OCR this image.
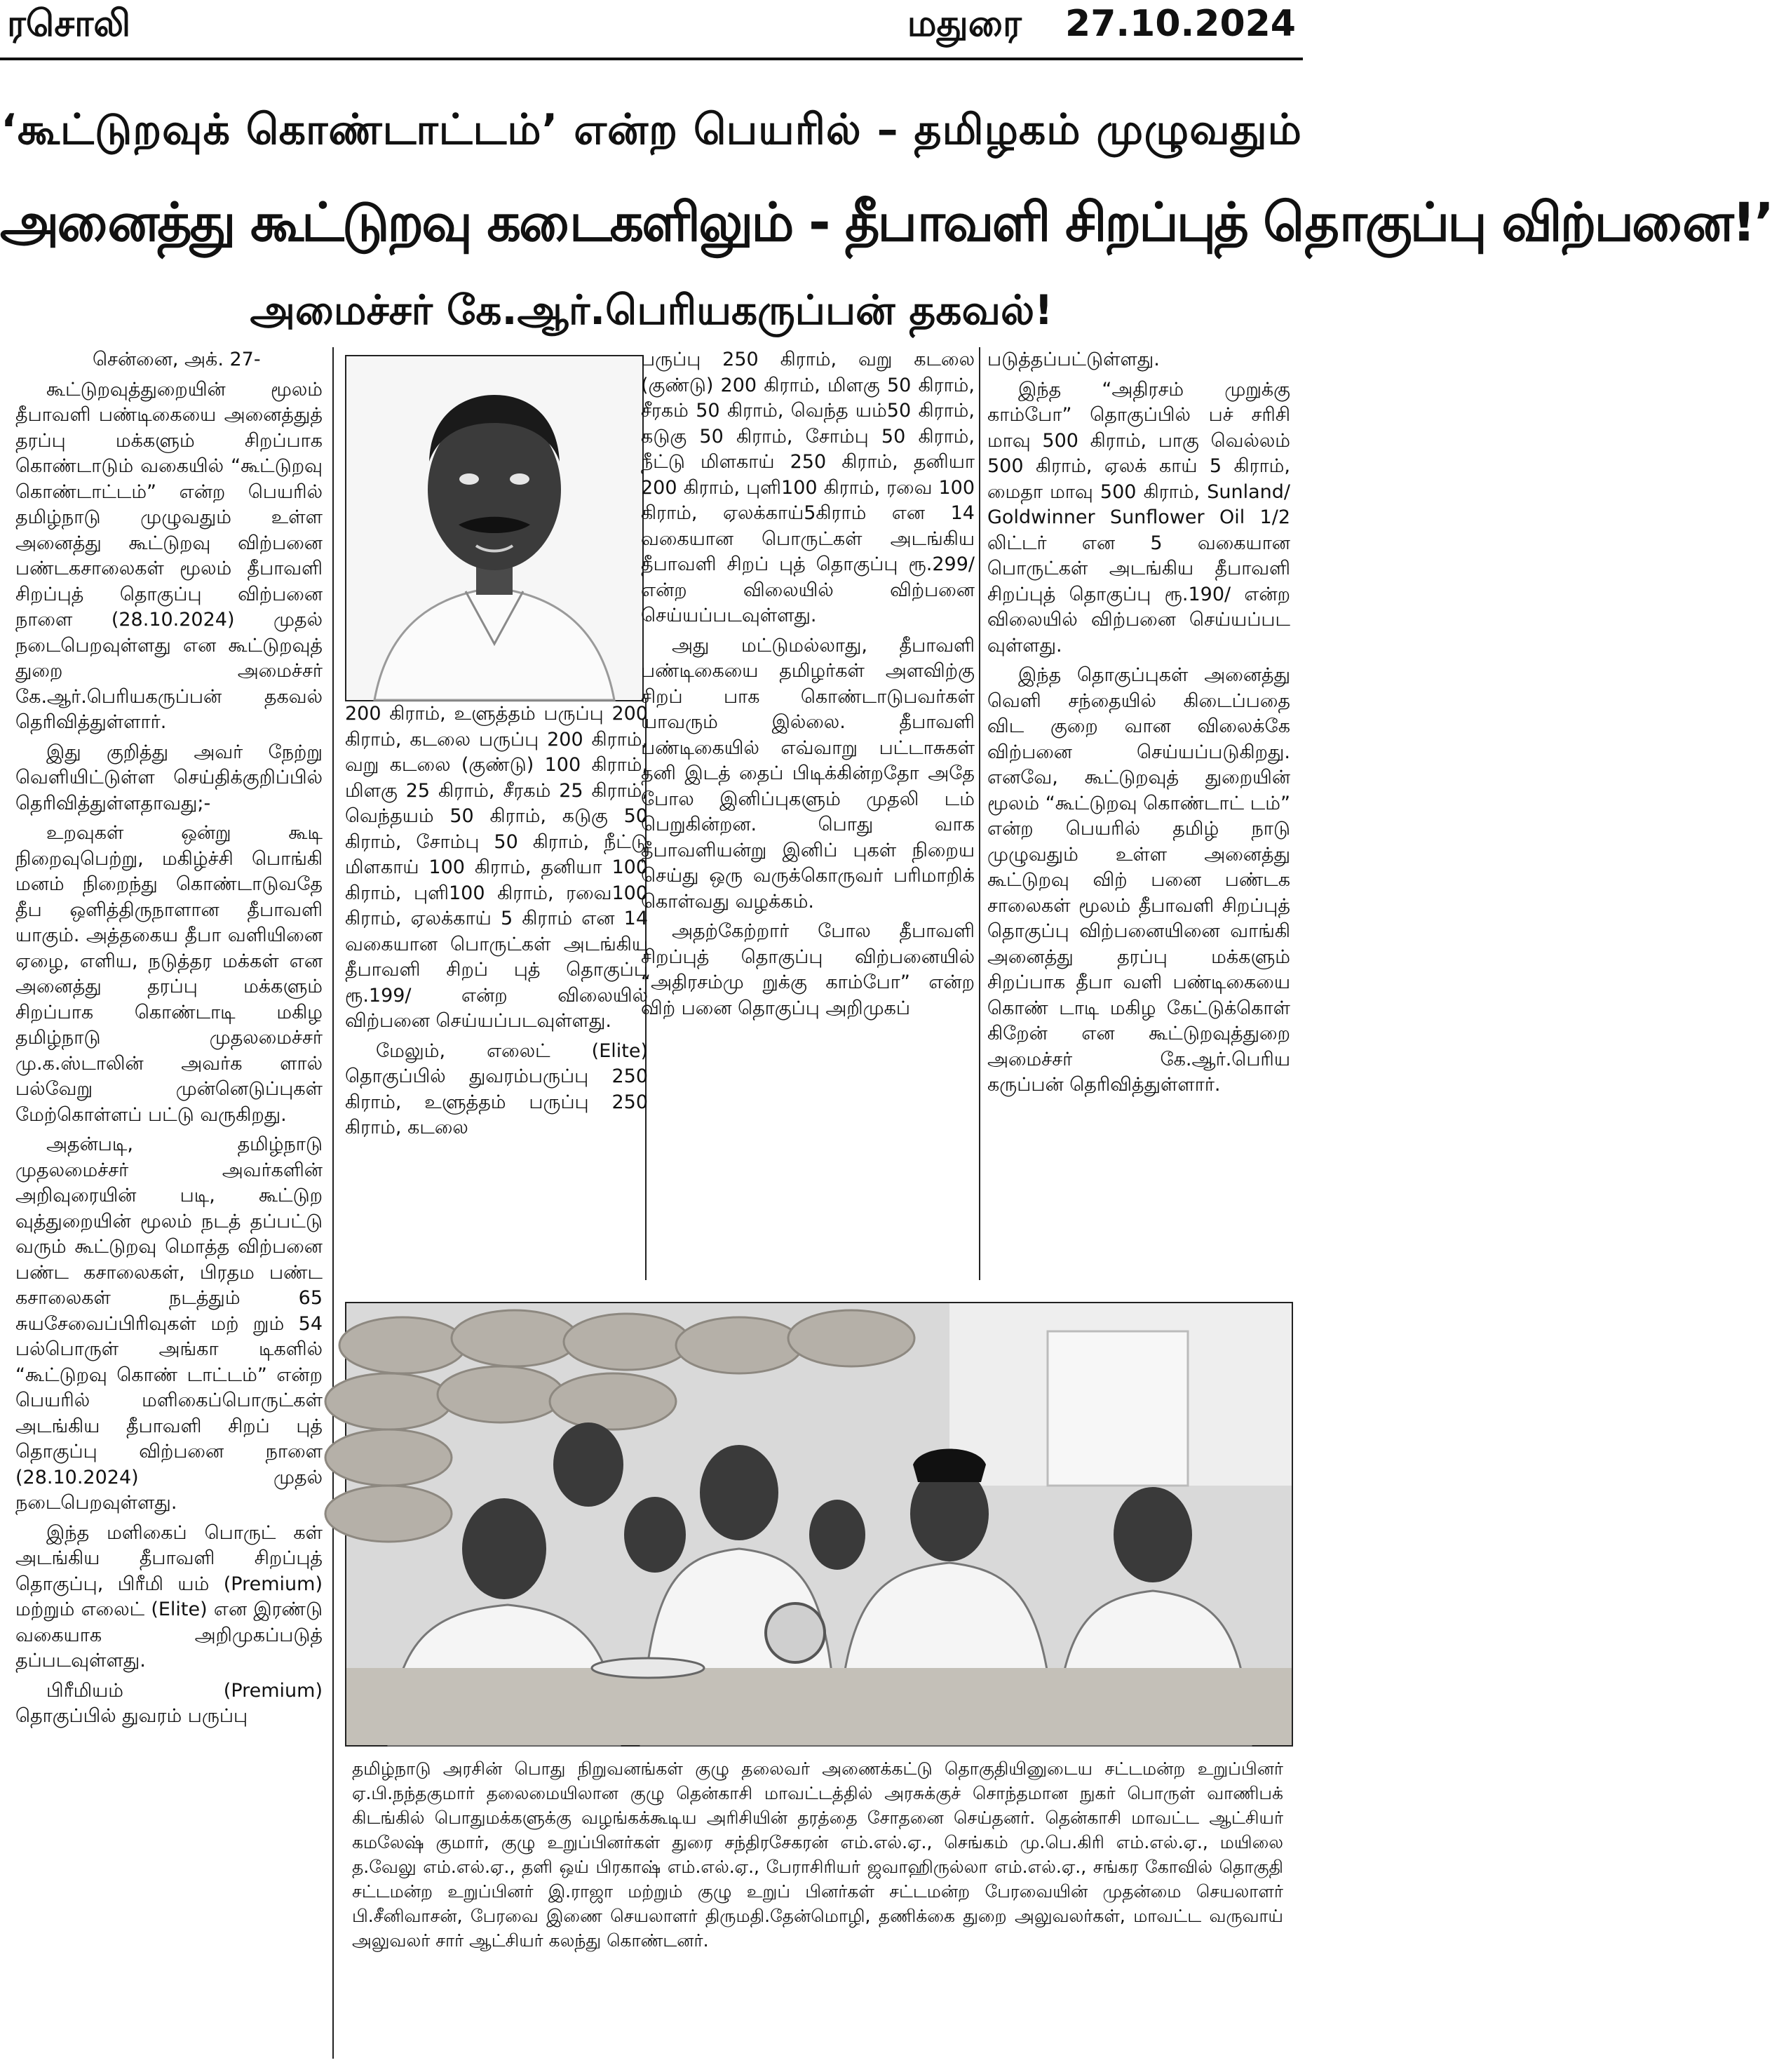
ரசொலி	மதுரை 27.10.2024
‘கூட்டுறவுக் கொண்டாட்டம்’ என்ற பெயரில் – தமிழகம் முழுவதும்
அனைத்து கூட்டுறவு கடைகளிலும் - தீபாவளி சிறப்புத் தொகுப்பு விற்பனை!’
அமைச்சர் கே.ஆர்.பெரியகருப்பன் தகவல்!

சென்னை, அக். 27-

கூட்டுறவுத்துறையின் மூலம் தீபாவளி பண்டிகையை அனைத்துத் தரப்பு மக்களும் சிறப்பாக கொண்டாடும் வகையில் “கூட்டுறவு கொண்டாட்டம்” என்ற பெயரில் தமிழ்நாடு முழுவதும் உள்ள அனைத்து கூட்டுறவு விற்பனை பண்டகசாலைகள் மூலம் தீபாவளி சிறப்புத் தொகுப்பு விற்பனை நாளை (28.10.2024) முதல் நடைபெறவுள்ளது என கூட்டுறவுத் துறை அமைச்சர் கே.ஆர்.பெரியகருப்பன் தகவல் தெரிவித்துள்ளார்.

இது குறித்து அவர் நேற்று வெளியிட்டுள்ள செய்திக்குறிப்பில் தெரிவித்துள்ளதாவது;-

உறவுகள் ஒன்று கூடி நிறைவுபெற்று, மகிழ்ச்சி பொங்கி மனம் நிறைந்து கொண்டாடுவதே தீப ஒளித்திருநாளான தீபாவளி யாகும். அத்தகைய தீபா வளியினை ஏழை, எளிய, நடுத்தர மக்கள் என அனைத்து தரப்பு மக்களும் சிறப்பாக கொண்டாடி மகிழ தமிழ்நாடு முதலமைச்சர் மு.க.ஸ்டாலின் அவர்க ளால் பல்வேறு முன்னெடுப்புகள் மேற்கொள்ளப் பட்டு வருகிறது.

அதன்படி, தமிழ்நாடு முதலமைச்சர் அவர்களின் அறிவுரையின் படி, கூட்டுற வுத்துறையின் மூலம் நடத் தப்பட்டு வரும் கூட்டுறவு மொத்த விற்பனை பண்ட கசாலைகள், பிரதம பண்ட கசாலைகள் நடத்தும் 65 சுயசேவைப்பிரிவுகள் மற் றும் 54 பல்பொருள் அங்கா டிகளில் “கூட்டுறவு கொண் டாட்டம்” என்ற பெயரில் மளிகைப்பொருட்கள் அடங்கிய தீபாவளி சிறப் புத் தொகுப்பு விற்பனை நாளை (28.10.2024) முதல் நடைபெறவுள்ளது.

இந்த மளிகைப் பொருட் கள் அடங்கிய தீபாவளி சிறப்புத் தொகுப்பு, பிரீமி யம் (Premium) மற்றும் எலைட் (Elite) என இரண்டு வகையாக அறிமுகப்படுத் தப்படவுள்ளது.

பிரீமியம் (Premium) தொகுப்பில் துவரம் பருப்பு

200 கிராம், உளுத்தம் பருப்பு 200 கிராம், கடலை பருப்பு 200 கிராம், வறு கடலை (குண்டு) 100 கிராம், மிளகு 25 கிராம், சீரகம் 25 கிராம், வெந்தயம் 50 கிராம், கடுகு 50 கிராம், சோம்பு 50 கிராம், நீட்டு மிளகாய் 100 கிராம், தனியா 100 கிராம், புளி100 கிராம், ரவை100 கிராம், ஏலக்காய் 5 கிராம் என 14 வகையான பொருட்கள் அடங்கிய தீபாவளி சிறப் புத் தொகுப்பு ரூ.199/ என்ற விலையில் விற்பனை செய்யப்படவுள்ளது.

மேலும், எலைட் (Elite) தொகுப்பில் துவரம்பருப்பு 250 கிராம், உளுத்தம் பருப்பு 250 கிராம், கடலை

பருப்பு 250 கிராம், வறு கடலை (குண்டு) 200 கிராம், மிளகு 50 கிராம், சீரகம் 50 கிராம், வெந்த யம்50 கிராம், கடுகு 50 கிராம், சோம்பு 50 கிராம், நீட்டு மிளகாய் 250 கிராம், தனியா 200 கிராம், புளி100 கிராம், ரவை 100 கிராம், ஏலக்காய்5கிராம் என 14 வகையான பொருட்கள் அடங்கிய தீபாவளி சிறப் புத் தொகுப்பு ரூ.299/ என்ற விலையில் விற்பனை செய்யப்படவுள்ளது.

அது மட்டுமல்லாது, தீபாவளி பண்டிகையை தமிழர்கள் அளவிற்கு சிறப் பாக கொண்டாடுபவர்கள் யாவரும் இல்லை. தீபாவளி பண்டிகையில் எவ்வாறு பட்டாசுகள் தனி இடத் தைப் பிடிக்கின்றதோ அதே போல இனிப்புகளும் முதலி டம் பெறுகின்றன. பொது வாக தீபாவளியன்று இனிப் புகள் நிறைய செய்து ஒரு வருக்கொருவர் பரிமாறிக் கொள்வது வழக்கம்.

அதற்கேற்றார் போல தீபாவளி சிறப்புத் தொகுப்பு விற்பனையில் “அதிரசம்மு றுக்கு காம்போ” என்ற விற் பனை தொகுப்பு அறிமுகப்

படுத்தப்பட்டுள்ளது.

இந்த “அதிரசம் முறுக்கு காம்போ” தொகுப்பில் பச் சரிசி மாவு 500 கிராம், பாகு வெல்லம் 500 கிராம், ஏலக் காய் 5 கிராம், மைதா மாவு 500 கிராம், Sunland/ Goldwinner Sunflower Oil 1/2 லிட்டர் என 5 வகையான பொருட்கள் அடங்கிய தீபாவளி சிறப்புத் தொகுப்பு ரூ.190/ என்ற விலையில் விற்பனை செய்யப்பட வுள்ளது.

இந்த தொகுப்புகள் அனைத்து வெளி சந்தையில் கிடைப்பதை விட குறை வான விலைக்கே விற்பனை செய்யப்படுகிறது. எனவே, கூட்டுறவுத் துறையின் மூலம் “கூட்டுறவு கொண்டாட் டம்” என்ற பெயரில் தமிழ் நாடு முழுவதும் உள்ள அனைத்து கூட்டுறவு விற் பனை பண்டக சாலைகள் மூலம் தீபாவளி சிறப்புத் தொகுப்பு விற்பனையினை வாங்கி அனைத்து தரப்பு மக்களும் சிறப்பாக தீபா வளி பண்டிகையை கொண் டாடி மகிழ கேட்டுக்கொள் கிறேன் என கூட்டுறவுத்துறை அமைச்சர் கே.ஆர்.பெரிய கருப்பன் தெரிவித்துள்ளார்.

தமிழ்நாடு அரசின் பொது நிறுவனங்கள் குழு தலைவர் அணைக்கட்டு தொகுதியினுடைய சட்டமன்ற உறுப்பினர் ஏ.பி.நந்தகுமார் தலைமையிலான குழு தென்காசி மாவட்டத்தில் அரசுக்குச் சொந்தமான நுகர் பொருள் வாணிபக் கிடங்கில் பொதுமக்களுக்கு வழங்கக்கூடிய அரிசியின் தரத்தை சோதனை செய்தனர். தென்காசி மாவட்ட ஆட்சியர் கமலேஷ் குமார், குழு உறுப்பினர்கள் துரை சந்திரசேகரன் எம்.எல்.ஏ., செங்கம் மு.பெ.கிரி எம்.எல்.ஏ., மயிலை த.வேலு எம்.எல்.ஏ., தளி ஒய் பிரகாஷ் எம்.எல்.ஏ., பேராசிரியர் ஜவாஹிருல்லா எம்.எல்.ஏ., சங்கர கோவில் தொகுதி சட்டமன்ற உறுப்பினர் இ.ராஜா மற்றும் குழு உறுப் பினர்கள் சட்டமன்ற பேரவையின் முதன்மை செயலாளர் பி.சீனிவாசன், பேரவை இணை செயலாளர் திருமதி.தேன்மொழி, தணிக்கை துறை அலுவலர்கள், மாவட்ட வருவாய் அலுவலர் சார் ஆட்சியர் கலந்து கொண்டனர்.
